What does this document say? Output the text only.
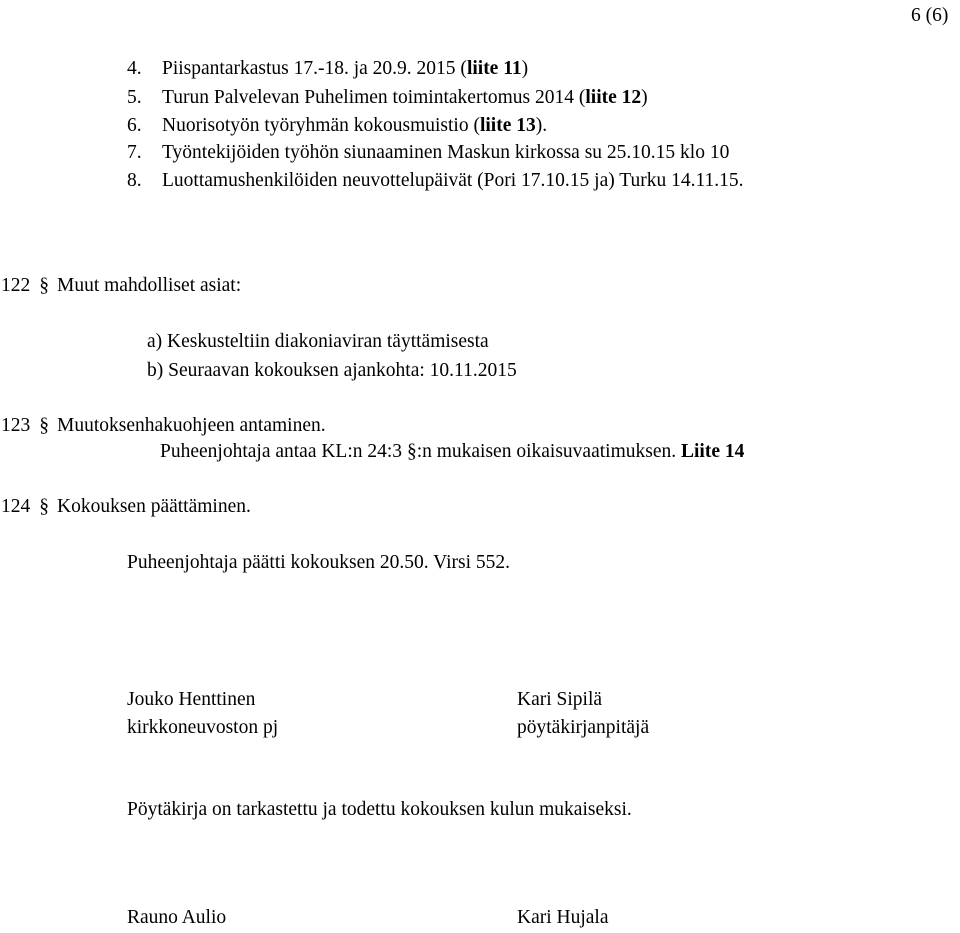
6 (6)
4. Piispantarkastus 17.-18. ja 20.9. 2015 (liite 11)
5. Turun Palvelevan Puhelimen toimintakertomus 2014 (liite 12)
6. Nuorisotyön työryhmän kokousmuistio (liite 13).
7. Työntekijöiden työhön siunaaminen Maskun kirkossa su 25.10.15 klo 10
8. Luottamushenkilöiden neuvottelupäivät (Pori 17.10.15 ja) Turku 14.11.15.
122 § Muut mahdolliset asiat:
a) Keskusteltiin diakoniaviran täyttämisesta
b) Seuraavan kokouksen ajankohta: 10.11.2015
123 § Muutoksenhakuohjeen antaminen.
Puheenjohtaja antaa KL:n 24:3 §:n mukaisen oikaisuvaatimuksen. Liite 14
124 § Kokouksen päättäminen.
Puheenjohtaja päätti kokouksen 20.50. Virsi 552.
Jouko Henttinen
kirkkoneuvoston pj
Kari Sipilä
pöytäkirjanpitäjä
Pöytäkirja on tarkastettu ja todettu kokouksen kulun mukaiseksi.
Rauno Aulio	Kari Hujala
